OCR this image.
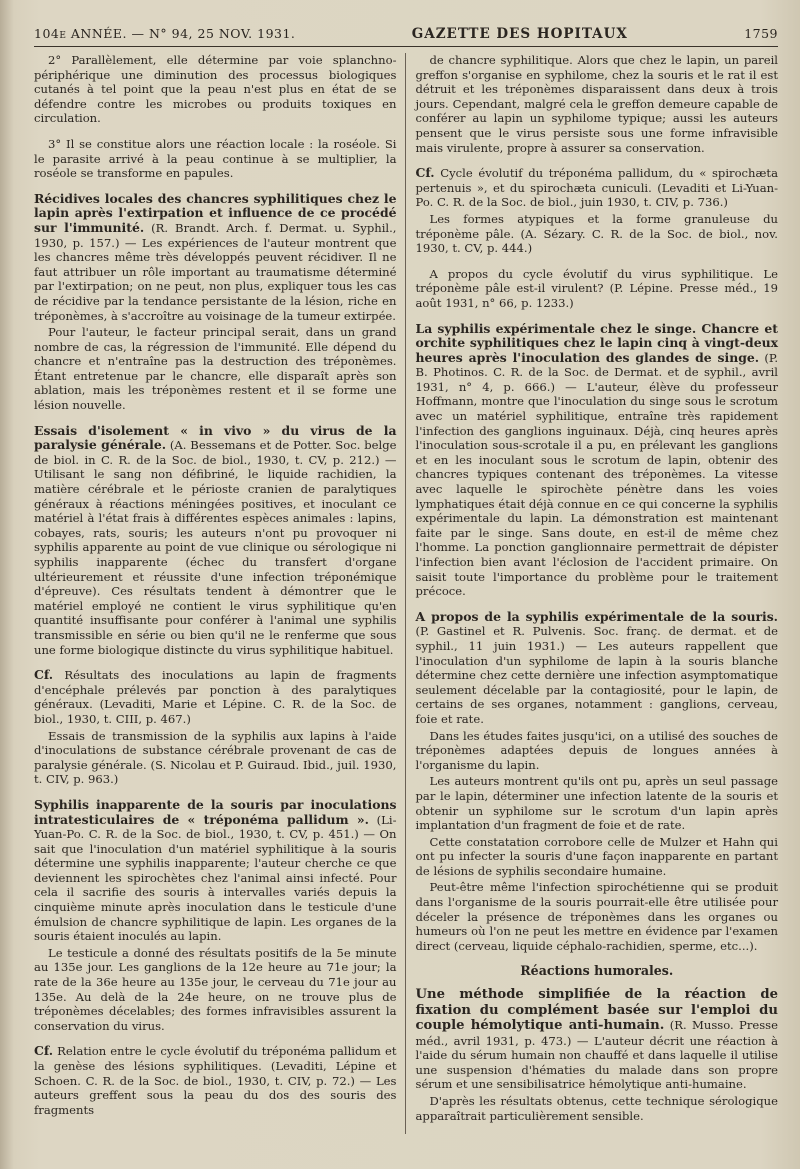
104e ANNÉE. — N° 94, 25 NOV. 1931.	GAZETTE DES HOPITAUX	1759

2° Parallèlement, elle détermine par voie splanchno-périphérique une diminution des processus biologiques cutanés à tel point que la peau n'est plus en état de se défendre contre les microbes ou produits toxiques en circulation.

3° Il se constitue alors une réaction locale : la roséole. Si le parasite arrivé à la peau continue à se multiplier, la roséole se transforme en papules.

Récidives locales des chancres syphilitiques chez le lapin après l'extirpation et influence de ce procédé sur l'immunité. (R. Brandt. Arch. f. Dermat. u. Syphil., 1930, p. 157.) — Les expériences de l'auteur montrent que les chancres même très développés peuvent récidiver. Il ne faut attribuer un rôle important au traumatisme déterminé par l'extirpation; on ne peut, non plus, expliquer tous les cas de récidive par la tendance persistante de la lésion, riche en tréponèmes, à s'accroître au voisinage de la tumeur extirpée.

Pour l'auteur, le facteur principal serait, dans un grand nombre de cas, la régression de l'immunité. Elle dépend du chancre et n'entraîne pas la destruction des tréponèmes. Étant entretenue par le chancre, elle disparaît après son ablation, mais les tréponèmes restent et il se forme une lésion nouvelle.

Essais d'isolement « in vivo » du virus de la paralysie générale. (A. Bessemans et de Potter. Soc. belge de biol. in C. R. de la Soc. de biol., 1930, t. CV, p. 212.) — Utilisant le sang non défibriné, le liquide rachidien, la matière cérébrale et le périoste cranien de paralytiques généraux à réactions méningées positives, et inoculant ce matériel à l'état frais à différentes espèces animales : lapins, cobayes, rats, souris; les auteurs n'ont pu provoquer ni syphilis apparente au point de vue clinique ou sérologique ni syphilis inapparente (échec du transfert d'organe ultérieurement et réussite d'une infection tréponémique d'épreuve). Ces résultats tendent à démontrer que le matériel employé ne contient le virus syphilitique qu'en quantité insuffisante pour conférer à l'animal une syphilis transmissible en série ou bien qu'il ne le renferme que sous une forme biologique distincte du virus syphilitique habituel.

Cf. Résultats des inoculations au lapin de fragments d'encéphale prélevés par ponction à des paralytiques généraux. (Levaditi, Marie et Lépine. C. R. de la Soc. de biol., 1930, t. CIII, p. 467.)

Essais de transmission de la syphilis aux lapins à l'aide d'inoculations de substance cérébrale provenant de cas de paralysie générale. (S. Nicolau et P. Guiraud. Ibid., juil. 1930, t. CIV, p. 963.)

Syphilis inapparente de la souris par inoculations intratesticulaires de « tréponéma pallidum ». (Li-Yuan-Po. C. R. de la Soc. de biol., 1930, t. CV, p. 451.) — On sait que l'inoculation d'un matériel syphilitique à la souris détermine une syphilis inapparente; l'auteur cherche ce que deviennent les spirochètes chez l'animal ainsi infecté. Pour cela il sacrifie des souris à intervalles variés depuis la cinquième minute après inoculation dans le testicule d'une émulsion de chancre syphilitique de lapin. Les organes de la souris étaient inoculés au lapin.

Le testicule a donné des résultats positifs de la 5e minute au 135e jour. Les ganglions de la 12e heure au 71e jour; la rate de la 36e heure au 135e jour, le cerveau du 71e jour au 135e. Au delà de la 24e heure, on ne trouve plus de tréponèmes décelables; des formes infravisibles assurent la conservation du virus.

Cf. Relation entre le cycle évolutif du tréponéma pallidum et la genèse des lésions syphilitiques. (Levaditi, Lépine et Schoen. C. R. de la Soc. de biol., 1930, t. CIV, p. 72.) — Les auteurs greffent sous la peau du dos des souris des fragments

de chancre syphilitique. Alors que chez le lapin, un pareil greffon s'organise en syphilome, chez la souris et le rat il est détruit et les tréponèmes disparaissent dans deux à trois jours. Cependant, malgré cela le greffon demeure capable de conférer au lapin un syphilome typique; aussi les auteurs pensent que le virus persiste sous une forme infravisible mais virulente, propre à assurer sa conservation.

Cf. Cycle évolutif du tréponéma pallidum, du « spirochæta pertenuis », et du spirochæta cuniculi. (Levaditi et Li-Yuan-Po. C. R. de la Soc. de biol., juin 1930, t. CIV, p. 736.)

Les formes atypiques et la forme granuleuse du tréponème pâle. (A. Sézary. C. R. de la Soc. de biol., nov. 1930, t. CV, p. 444.)

A propos du cycle évolutif du virus syphilitique. Le tréponème pâle est-il virulent? (P. Lépine. Presse méd., 19 août 1931, n° 66, p. 1233.)

La syphilis expérimentale chez le singe. Chancre et orchite syphilitiques chez le lapin cinq à vingt-deux heures après l'inoculation des glandes de singe. (P. B. Photinos. C. R. de la Soc. de Dermat. et de syphil., avril 1931, n° 4, p. 666.) — L'auteur, élève du professeur Hoffmann, montre que l'inoculation du singe sous le scrotum avec un matériel syphilitique, entraîne très rapidement l'infection des ganglions inguinaux. Déjà, cinq heures après l'inoculation sous-scrotale il a pu, en prélevant les ganglions et en les inoculant sous le scrotum de lapin, obtenir des chancres typiques contenant des tréponèmes. La vitesse avec laquelle le spirochète pénètre dans les voies lymphatiques était déjà connue en ce qui concerne la syphilis expérimentale du lapin. La démonstration est maintenant faite par le singe. Sans doute, en est-il de même chez l'homme. La ponction ganglionnaire permettrait de dépister l'infection bien avant l'éclosion de l'accident primaire. On saisit toute l'importance du problème pour le traitement précoce.

A propos de la syphilis expérimentale de la souris. (P. Gastinel et R. Pulvenis. Soc. franç. de dermat. et de syphil., 11 juin 1931.) — Les auteurs rappellent que l'inoculation d'un syphilome de lapin à la souris blanche détermine chez cette dernière une infection asymptomatique seulement décelable par la contagiosité, pour le lapin, de certains de ses organes, notamment : ganglions, cerveau, foie et rate.

Dans les études faites jusqu'ici, on a utilisé des souches de tréponèmes adaptées depuis de longues années à l'organisme du lapin.

Les auteurs montrent qu'ils ont pu, après un seul passage par le lapin, déterminer une infection latente de la souris et obtenir un syphilome sur le scrotum d'un lapin après implantation d'un fragment de foie et de rate.

Cette constatation corrobore celle de Mulzer et Hahn qui ont pu infecter la souris d'une façon inapparente en partant de lésions de syphilis secondaire humaine.

Peut-être même l'infection spirochétienne qui se produit dans l'organisme de la souris pourrait-elle être utilisée pour déceler la présence de tréponèmes dans les organes ou humeurs où l'on ne peut les mettre en évidence par l'examen direct (cerveau, liquide céphalo-rachidien, sperme, etc...).

Réactions humorales.

Une méthode simplifiée de la réaction de fixation du complément basée sur l'emploi du couple hémolytique anti-humain. (R. Musso. Presse méd., avril 1931, p. 473.) — L'auteur décrit une réaction à l'aide du sérum humain non chauffé et dans laquelle il utilise une suspension d'hématies du malade dans son propre sérum et une sensibilisatrice hémolytique anti-humaine.

D'après les résultats obtenus, cette technique sérologique apparaîtrait particulièrement sensible.
